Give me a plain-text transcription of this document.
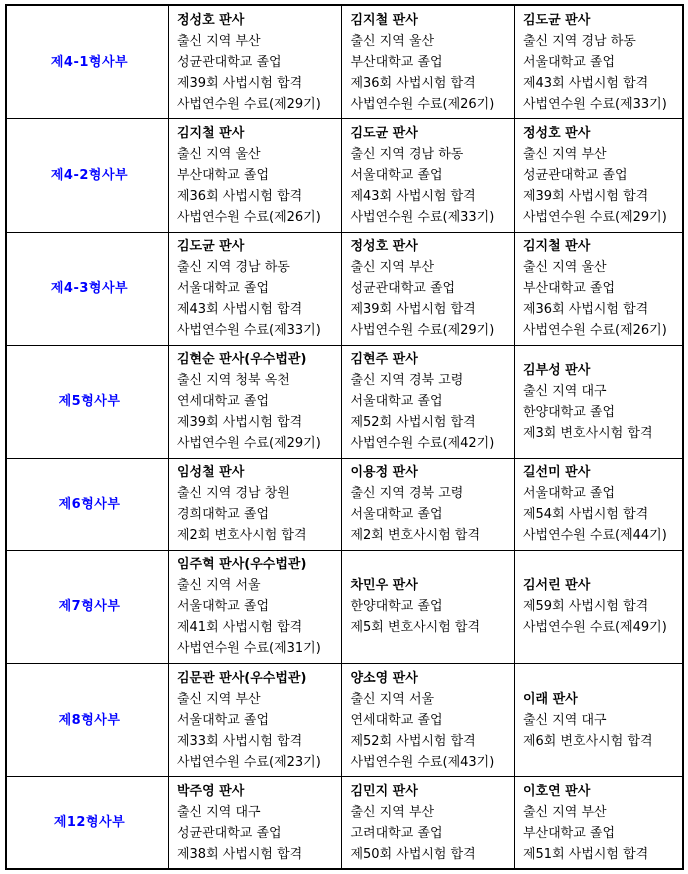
제4-1형사부	
정성호 판사
출신 지역 부산
성균관대학교 졸업
제39회 사법시험 합격
사법연수원 수료(제29기)

김지철 판사
출신 지역 울산
부산대학교 졸업
제36회 사법시험 합격
사법연수원 수료(제26기)

김도균 판사
출신 지역 경남 하동
서울대학교 졸업
제43회 사법시험 합격
사법연수원 수료(제33기)

제4-2형사부	
김지철 판사
출신 지역 울산
부산대학교 졸업
제36회 사법시험 합격
사법연수원 수료(제26기)

김도균 판사
출신 지역 경남 하동
서울대학교 졸업
제43회 사법시험 합격
사법연수원 수료(제33기)

정성호 판사
출신 지역 부산
성균관대학교 졸업
제39회 사법시험 합격
사법연수원 수료(제29기)

제4-3형사부	
김도균 판사
출신 지역 경남 하동
서울대학교 졸업
제43회 사법시험 합격
사법연수원 수료(제33기)

정성호 판사
출신 지역 부산
성균관대학교 졸업
제39회 사법시험 합격
사법연수원 수료(제29기)

김지철 판사
출신 지역 울산
부산대학교 졸업
제36회 사법시험 합격
사법연수원 수료(제26기)

제5형사부	
김현순 판사(우수법관)
출신 지역 청북 옥천
연세대학교 졸업
제39회 사법시험 합격
사법연수원 수료(제29기)

김현주 판사
출신 지역 경북 고령
서울대학교 졸업
제52회 사법시험 합격
사법연수원 수료(제42기)

김부성 판사
출신 지역 대구
한양대학교 졸업
제3회 변호사시험 합격

제6형사부	
임성철 판사
출신 지역 경남 창원
경희대학교 졸업
제2회 변호사시험 합격

이용정 판사
출신 지역 경북 고령
서울대학교 졸업
제2회 변호사시험 합격

길선미 판사
서울대학교 졸업
제54회 사법시험 합격
사법연수원 수료(제44기)

제7형사부	
임주혁 판사(우수법관)
출신 지역 서울
서울대학교 졸업
제41회 사법시험 합격
사법연수원 수료(제31기)

차민우 판사
한양대학교 졸업
제5회 변호사시험 합격

김서린 판사
제59회 사법시험 합격
사법연수원 수료(제49기)

제8형사부	
김문관 판사(우수법관)
출신 지역 부산
서울대학교 졸업
제33회 사법시험 합격
사법연수원 수료(제23기)

양소영 판사
출신 지역 서울
연세대학교 졸업
제52회 사법시험 합격
사법연수원 수료(제43기)

이래 판사
출신 지역 대구
제6회 변호사시험 합격

제12형사부	
박주영 판사
출신 지역 대구
성균관대학교 졸업
제38회 사법시험 합격

김민지 판사
출신 지역 부산
고려대학교 졸업
제50회 사법시험 합격

이호연 판사
출신 지역 부산
부산대학교 졸업
제51회 사법시험 합격
